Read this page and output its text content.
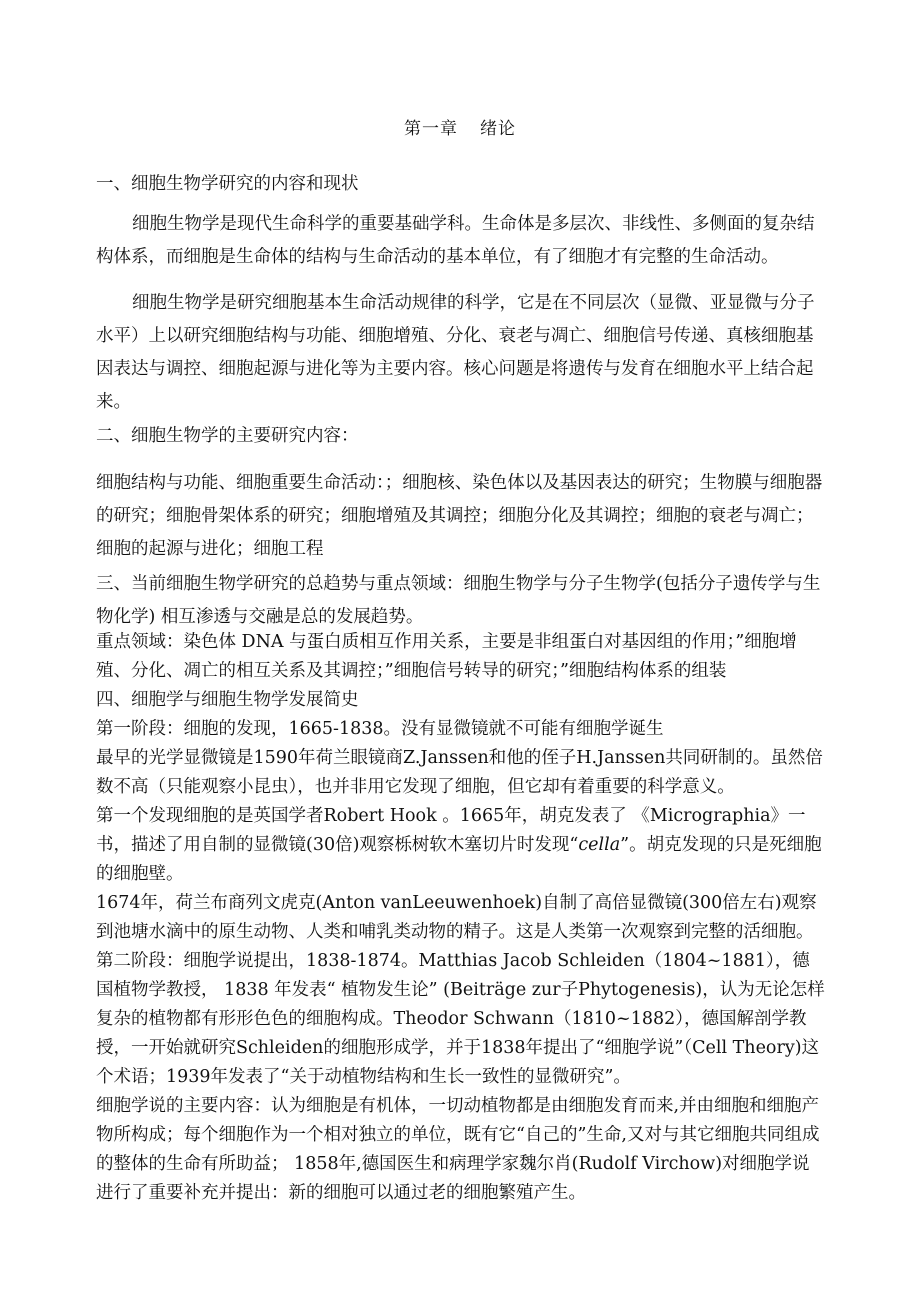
第一章 绪论

一、细胞生物学研究的内容和现状

细胞生物学是现代生命科学的重要基础学科。生命体是多层次、非线性、多侧面的复杂结构体系，而细胞是生命体的结构与生命活动的基本单位，有了细胞才有完整的生命活动。

细胞生物学是研究细胞基本生命活动规律的科学，它是在不同层次（显微、亚显微与分子水平）上以研究细胞结构与功能、细胞增殖、分化、衰老与凋亡、细胞信号传递、真核细胞基因表达与调控、细胞起源与进化等为主要内容。核心问题是将遗传与发育在细胞水平上结合起来。

二、细胞生物学的主要研究内容：

细胞结构与功能、细胞重要生命活动：；细胞核、染色体以及基因表达的研究；生物膜与细胞器的研究；细胞骨架体系的研究；细胞增殖及其调控；细胞分化及其调控；细胞的衰老与凋亡；细胞的起源与进化；细胞工程

三、当前细胞生物学研究的总趋势与重点领域：细胞生物学与分子生物学(包括分子遗传学与生物化学) 相互渗透与交融是总的发展趋势。

重点领域：染色体 DNA 与蛋白质相互作用关系，主要是非组蛋白对基因组的作用；”细胞增殖、分化、凋亡的相互关系及其调控；”细胞信号转导的研究；”细胞结构体系的组装

四、细胞学与细胞生物学发展简史

第一阶段：细胞的发现，1665-1838。没有显微镜就不可能有细胞学诞生

最早的光学显微镜是1590年荷兰眼镜商Z.Janssen和他的侄子H.Janssen共同研制的。虽然倍数不高（只能观察小昆虫），也并非用它发现了细胞，但它却有着重要的科学意义。

第一个发现细胞的是英国学者Robert Hook 。1665年，胡克发表了 《Micrographia》一书，描述了用自制的显微镜(30倍)观察栎树软木塞切片时发现“cella”。胡克发现的只是死细胞的细胞壁。

1674年，荷兰布商列文虎克(Anton vanLeeuwenhoek)自制了高倍显微镜(300倍左右)观察到池塘水滴中的原生动物、人类和哺乳类动物的精子。这是人类第一次观察到完整的活细胞。

第二阶段：细胞学说提出，1838-1874。Matthias Jacob Schleiden（1804~1881），德国植物学教授， 1838 年发表“ 植物发生论” (Beiträge zur子Phytogenesis)，认为无论怎样复杂的植物都有形形色色的细胞构成。Theodor Schwann（1810~1882），德国解剖学教授，一开始就研究Schleiden的细胞形成学，并于1838年提出了“细胞学说”（Cell Theory)这个术语；1939年发表了“关于动植物结构和生长一致性的显微研究”。

细胞学说的主要内容：认为细胞是有机体，一切动植物都是由细胞发育而来,并由细胞和细胞产物所构成；每个细胞作为一个相对独立的单位，既有它“自己的”生命,又对与其它细胞共同组成的整体的生命有所助益； 1858年,德国医生和病理学家魏尔肖(Rudolf Virchow)对细胞学说进行了重要补充并提出：新的细胞可以通过老的细胞繁殖产生。
